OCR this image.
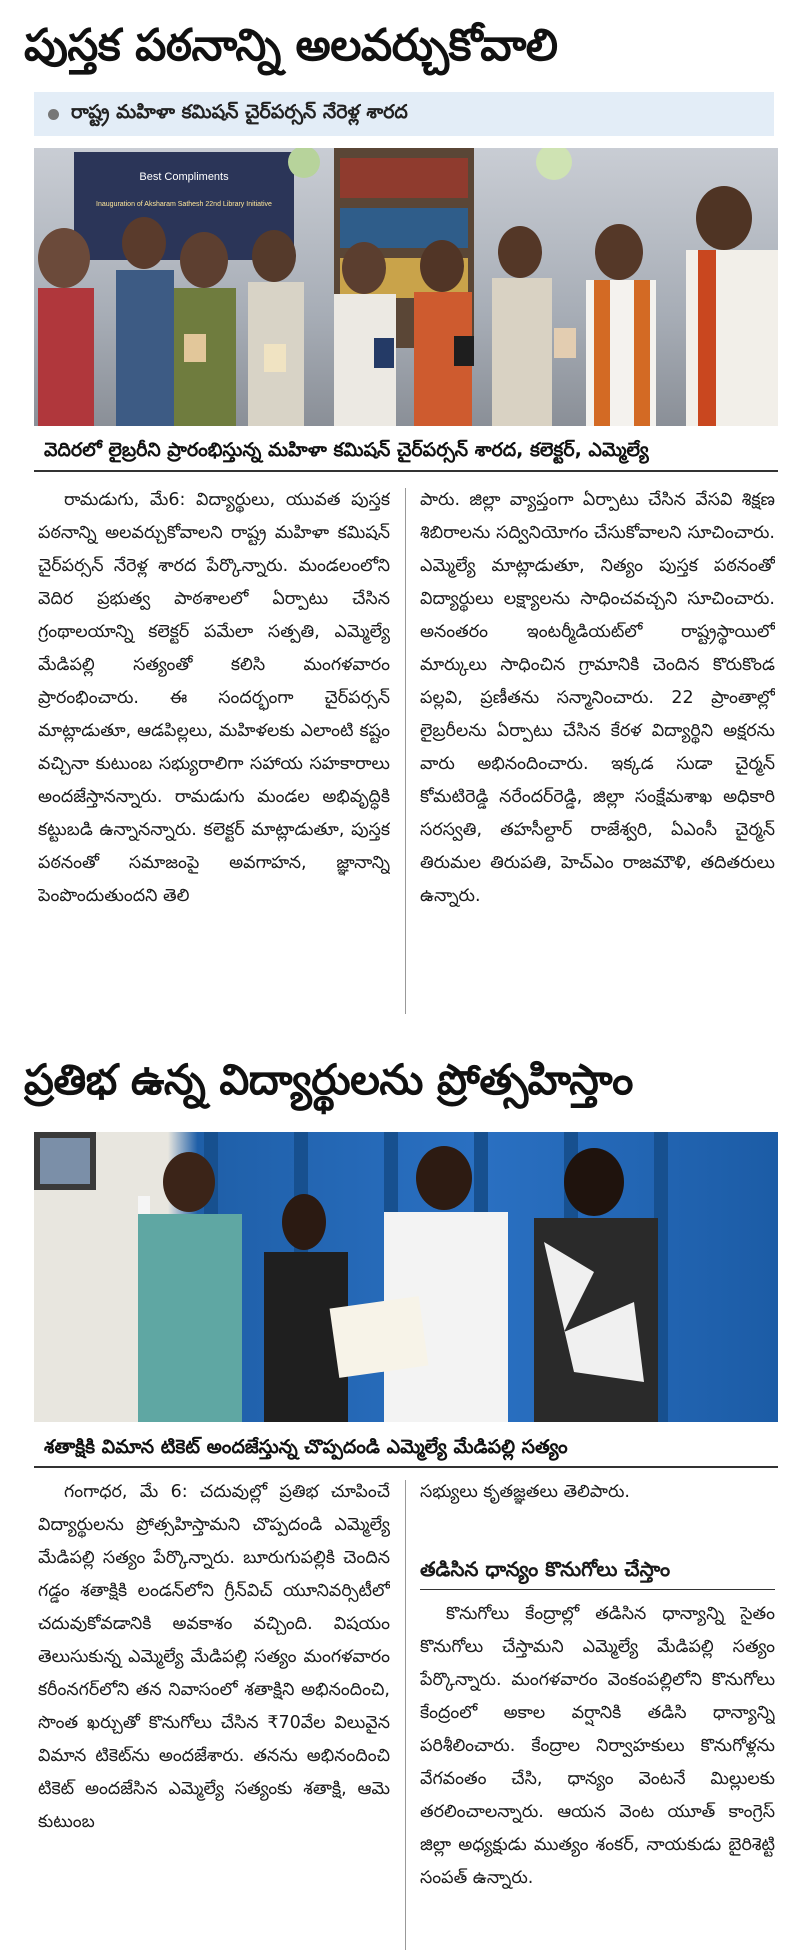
పుస్తక పఠనాన్ని అలవర్చుకోవాలి
రాష్ట్ర మహిళా కమిషన్ చైర్‌పర్సన్ నేరెళ్ల శారద
Best Compliments
Inauguration of Aksharam Sathesh 22nd Library Initiative
వెదిరలో లైబ్రరీని ప్రారంభిస్తున్న మహిళా కమిషన్ చైర్‌పర్సన్ శారద, కలెక్టర్, ఎమ్మెల్యే
రామడుగు, మే6: విద్యార్థులు, యువత పుస్తక పఠనాన్ని అలవర్చుకోవాలని రాష్ట్ర మహిళా కమిషన్ చైర్‌పర్సన్ నేరెళ్ల శారద పేర్కొన్నారు. మండలంలోని వెదిర ప్రభుత్వ పాఠశాలలో ఏర్పాటు చేసిన గ్రంథాలయాన్ని కలెక్టర్ పమేలా సత్పతి, ఎమ్మెల్యే మేడిపల్లి సత్యంతో కలిసి మంగళవారం ప్రారంభించారు. ఈ సందర్భంగా చైర్‌పర్సన్ మాట్లాడుతూ, ఆడపిల్లలు, మహిళలకు ఎలాంటి కష్టం వచ్చినా కుటుంబ సభ్యురాలిగా సహాయ సహకారాలు అందజేస్తానన్నారు. రామడుగు మండల అభివృద్ధికి కట్టుబడి ఉన్నానన్నారు. కలెక్టర్ మాట్లాడుతూ, పుస్తక పఠనంతో సమాజంపై అవగాహన, జ్ఞానాన్ని పెంపొందుతుందని తెలి
పారు. జిల్లా వ్యాప్తంగా ఏర్పాటు చేసిన వేసవి శిక్షణ శిబిరాలను సద్వినియోగం చేసుకోవాలని సూచించారు. ఎమ్మెల్యే మాట్లాడుతూ, నిత్యం పుస్తక పఠనంతో విద్యార్థులు లక్ష్యాలను సాధించవచ్చని సూచించారు. అనంతరం ఇంటర్మీడియట్‌లో రాష్ట్రస్థాయిలో మార్కులు సాధించిన గ్రామానికి చెందిన కొరుకొండ పల్లవి, ప్రణీతను సన్మానించారు. 22 ప్రాంతాల్లో లైబ్రరీలను ఏర్పాటు చేసిన కేరళ విద్యార్థిని అక్షరను వారు అభినందించారు. ఇక్కడ సుడా చైర్మన్ కోమటిరెడ్డి నరేందర్‌రెడ్డి, జిల్లా సంక్షేమశాఖ అధికారి సరస్వతి, తహసీల్దార్ రాజేశ్వరి, ఏఎంసీ చైర్మన్ తిరుమల తిరుపతి, హెచ్ఎం రాజమౌళి, తదితరులు ఉన్నారు.
ప్రతిభ ఉన్న విద్యార్థులను ప్రోత్సహిస్తాం
శతాక్షికి విమాన టికెట్ అందజేస్తున్న చొప్పదండి ఎమ్మెల్యే మేడిపల్లి సత్యం
గంగాధర, మే 6: చదువుల్లో ప్రతిభ చూపించే విద్యార్థులను ప్రోత్సహిస్తామని చొప్పదండి ఎమ్మెల్యే మేడిపల్లి సత్యం పేర్కొన్నారు. బూరుగుపల్లికి చెందిన గడ్డం శతాక్షికి లండన్‌లోని గ్రీన్‌విచ్ యూనివర్సిటీలో చదువుకోవడానికి అవకాశం వచ్చింది. విషయం తెలుసుకున్న ఎమ్మెల్యే మేడిపల్లి సత్యం మంగళవారం కరీంనగర్‌లోని తన నివాసంలో శతాక్షిని అభినందించి, సొంత ఖర్చుతో కొనుగోలు చేసిన ₹70వేల విలువైన విమాన టికెట్‌ను అందజేశారు. తనను అభినందించి టికెట్ అందజేసిన ఎమ్మెల్యే సత్యంకు శతాక్షి, ఆమె కుటుంబ
సభ్యులు కృతజ్ఞతలు తెలిపారు.
తడిసిన ధాన్యం కొనుగోలు చేస్తాం
కొనుగోలు కేంద్రాల్లో తడిసిన ధాన్యాన్ని సైతం కొనుగోలు చేస్తామని ఎమ్మెల్యే మేడిపల్లి సత్యం పేర్కొన్నారు. మంగళవారం వెంకంపల్లిలోని కొనుగోలు కేంద్రంలో అకాల వర్షానికి తడిసి ధాన్యాన్ని పరిశీలించారు. కేంద్రాల నిర్వాహకులు కొనుగోళ్లను వేగవంతం చేసి, ధాన్యం వెంటనే మిల్లులకు తరలించాలన్నారు. ఆయన వెంట యూత్ కాంగ్రెస్ జిల్లా అధ్యక్షుడు ముత్యం శంకర్, నాయకుడు బైరిశెట్టి సంపత్ ఉన్నారు.
